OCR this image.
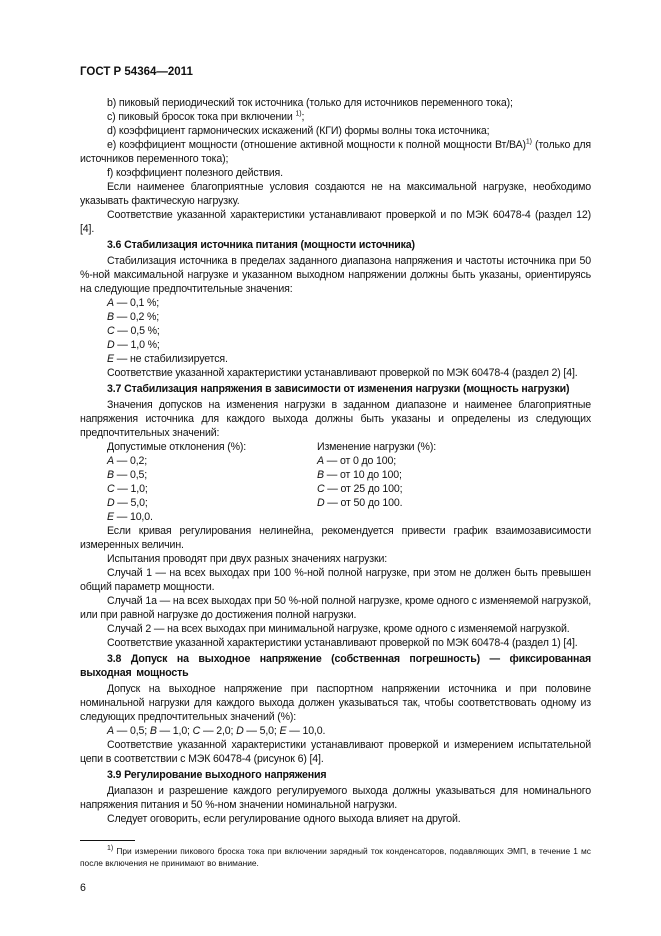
ГОСТ Р 54364—2011

b) пиковый периодический ток источника (только для источников переменного тока);

c) пиковый бросок тока при включении $^{1)}$;

d) коэффициент гармонических искажений (КГИ) формы волны тока источника;

e) коэффициент мощности (отношение активной мощности к полной мощности Вт/ВА)$^{1)}$ (только для источников переменного тока);

f) коэффициент полезного действия.

Если наименее благоприятные условия создаются не на максимальной нагрузке, необходимо указывать фактическую нагрузку.

Соответствие указанной характеристики устанавливают проверкой и по МЭК 60478-4 (раздел 12) [4].

3.6 Стабилизация источника питания (мощности источника)

Стабилизация источника в пределах заданного диапазона напряжения и частоты источника при 50 %-ной максимальной нагрузке и указанном выходном напряжении должны быть указаны, ориентируясь на следующие предпочтительные значения:

A — 0,1 %;
B — 0,2 %;
C — 0,5 %;
D — 1,0 %;
E — не стабилизируется.

Соответствие указанной характеристики устанавливают проверкой по МЭК 60478-4 (раздел 2) [4].

3.7 Стабилизация напряжения в зависимости от изменения нагрузки (мощность нагрузки)

Значения допусков на изменения нагрузки в заданном диапазоне и наименее благоприятные напряжения источника для каждого выхода должны быть указаны и определены из следующих предпочтительных значений:

Допустимые отклонения (%):	Изменение нагрузки (%):
A — 0,2;	A — от 0 до 100;
B — 0,5;	B — от 10 до 100;
C — 1,0;	C — от 25 до 100;
D — 5,0;	D — от 50 до 100.
E — 10,0.

Если кривая регулирования нелинейна, рекомендуется привести график взаимозависимости измеренных величин.

Испытания проводят при двух разных значениях нагрузки:

Случай 1 — на всех выходах при 100 %-ной полной нагрузке, при этом не должен быть превышен общий параметр мощности.

Случай 1а — на всех выходах при 50 %-ной полной нагрузке, кроме одного с изменяемой нагрузкой, или при равной нагрузке до достижения полной нагрузки.

Случай 2 — на всех выходах при минимальной нагрузке, кроме одного с изменяемой нагрузкой.

Соответствие указанной характеристики устанавливают проверкой по МЭК 60478-4 (раздел 1) [4].

3.8 Допуск на выходное напряжение (собственная погрешность) — фиксированная выходная мощность

Допуск на выходное напряжение при паспортном напряжении источника и при половине номинальной нагрузки для каждого выхода должен указываться так, чтобы соответствовать одному из следующих предпочтительных значений (%):

A — 0,5; B — 1,0; C — 2,0; D — 5,0; E — 10,0.

Соответствие указанной характеристики устанавливают проверкой и измерением испытательной цепи в соответствии с МЭК 60478-4 (рисунок 6) [4].

3.9 Регулирование выходного напряжения

Диапазон и разрешение каждого регулируемого выхода должны указываться для номинального напряжения питания и 50 %-ном значении номинальной нагрузки.

Следует оговорить, если регулирование одного выхода влияет на другой.

$^{1)}$ При измерении пикового броска тока при включении зарядный ток конденсаторов, подавляющих ЭМП, в течение 1 мс после включения не принимают во внимание.

6
